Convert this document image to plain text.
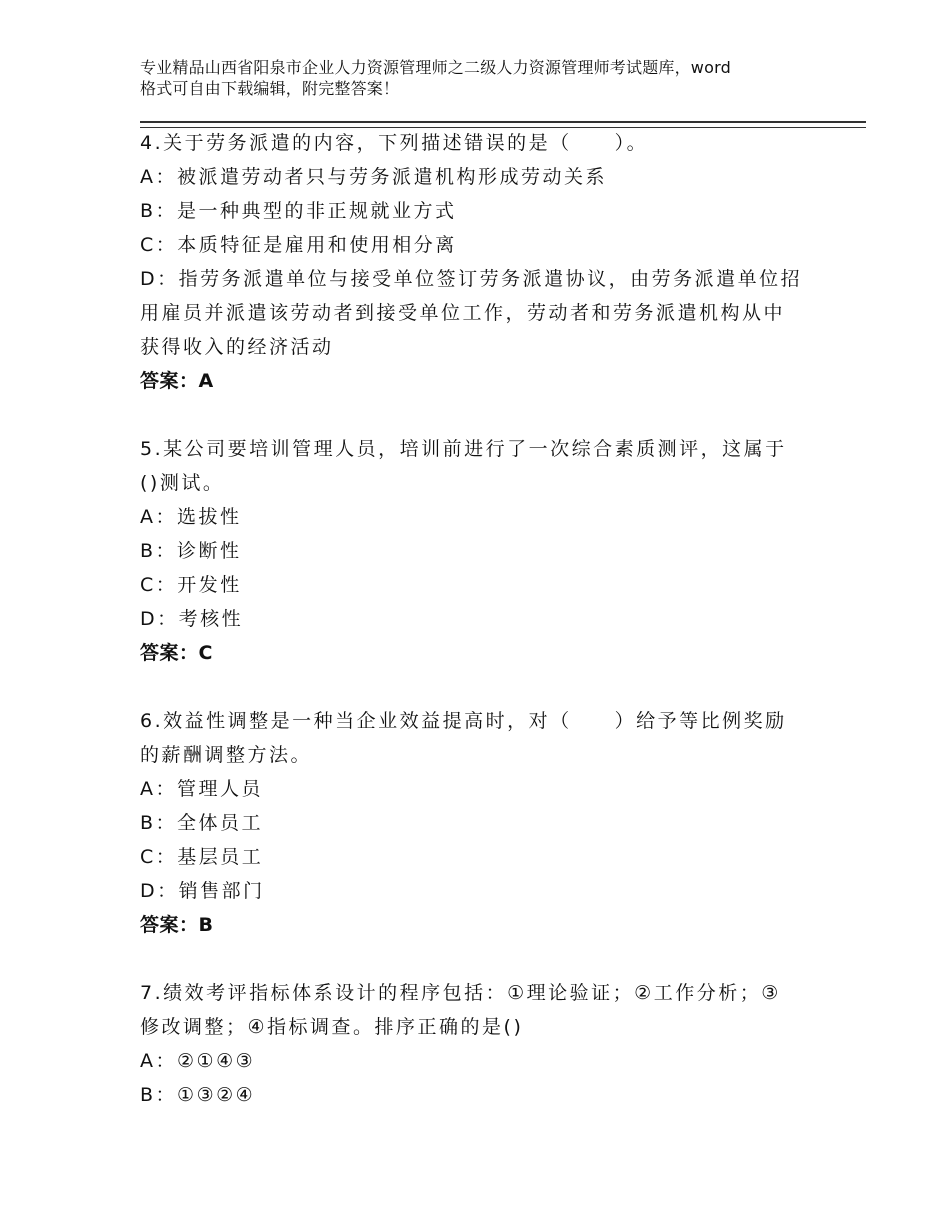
专业精品山西省阳泉市企业人力资源管理师之二级人力资源管理师考试题库，word
格式可自由下载编辑，附完整答案！

4.关于劳务派遣的内容，下列描述错误的是（　　）。

A：被派遣劳动者只与劳务派遣机构形成劳动关系

B：是一种典型的非正规就业方式

C：本质特征是雇用和使用相分离

D：指劳务派遣单位与接受单位签订劳务派遣协议，由劳务派遣单位招

用雇员并派遣该劳动者到接受单位工作，劳动者和劳务派遣机构从中

获得收入的经济活动

答案：A

5.某公司要培训管理人员，培训前进行了一次综合素质测评，这属于

()测试。

A：选拔性

B：诊断性

C：开发性

D：考核性

答案：C

6.效益性调整是一种当企业效益提高时，对（　　）给予等比例奖励

的薪酬调整方法。

A：管理人员

B：全体员工

C：基层员工

D：销售部门

答案：B

7.绩效考评指标体系设计的程序包括：①理论验证；②工作分析；③

修改调整；④指标调查。排序正确的是()

A：②①④③

B：①③②④
